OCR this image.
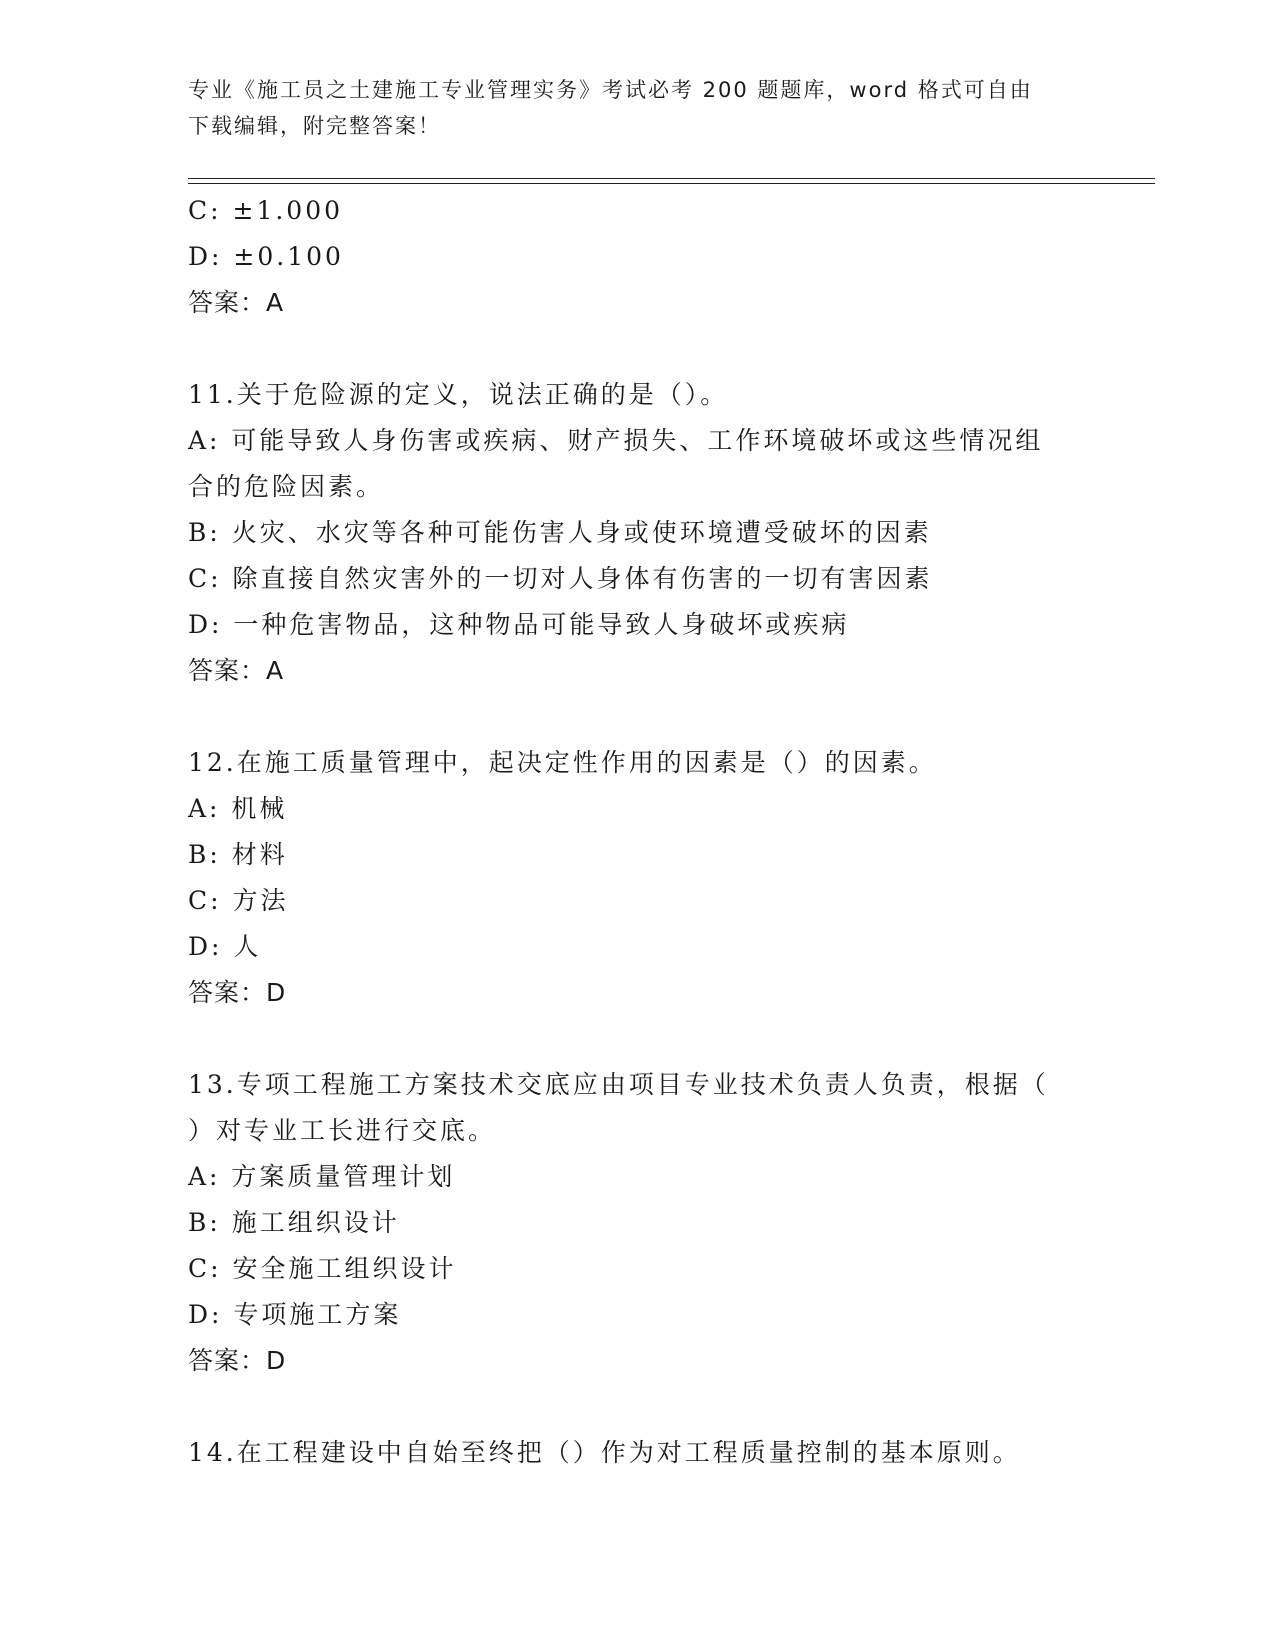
专业《施工员之土建施工专业管理实务》考试必考 200 题题库，word 格式可自由
下载编辑，附完整答案！
C: ±1.000
D: ±0.100
答案：A
11.关于危险源的定义，说法正确的是（）。
A: 可能导致人身伤害或疾病、财产损失、工作环境破坏或这些情况组
合的危险因素。
B: 火灾、水灾等各种可能伤害人身或使环境遭受破坏的因素
C: 除直接自然灾害外的一切对人身体有伤害的一切有害因素
D: 一种危害物品，这种物品可能导致人身破坏或疾病
答案：A
12.在施工质量管理中，起决定性作用的因素是（）的因素。
A: 机械
B: 材料
C: 方法
D: 人
答案：D
13.专项工程施工方案技术交底应由项目专业技术负责人负责，根据（
）对专业工长进行交底。
A: 方案质量管理计划
B: 施工组织设计
C: 安全施工组织设计
D: 专项施工方案
答案：D
14.在工程建设中自始至终把（）作为对工程质量控制的基本原则。
